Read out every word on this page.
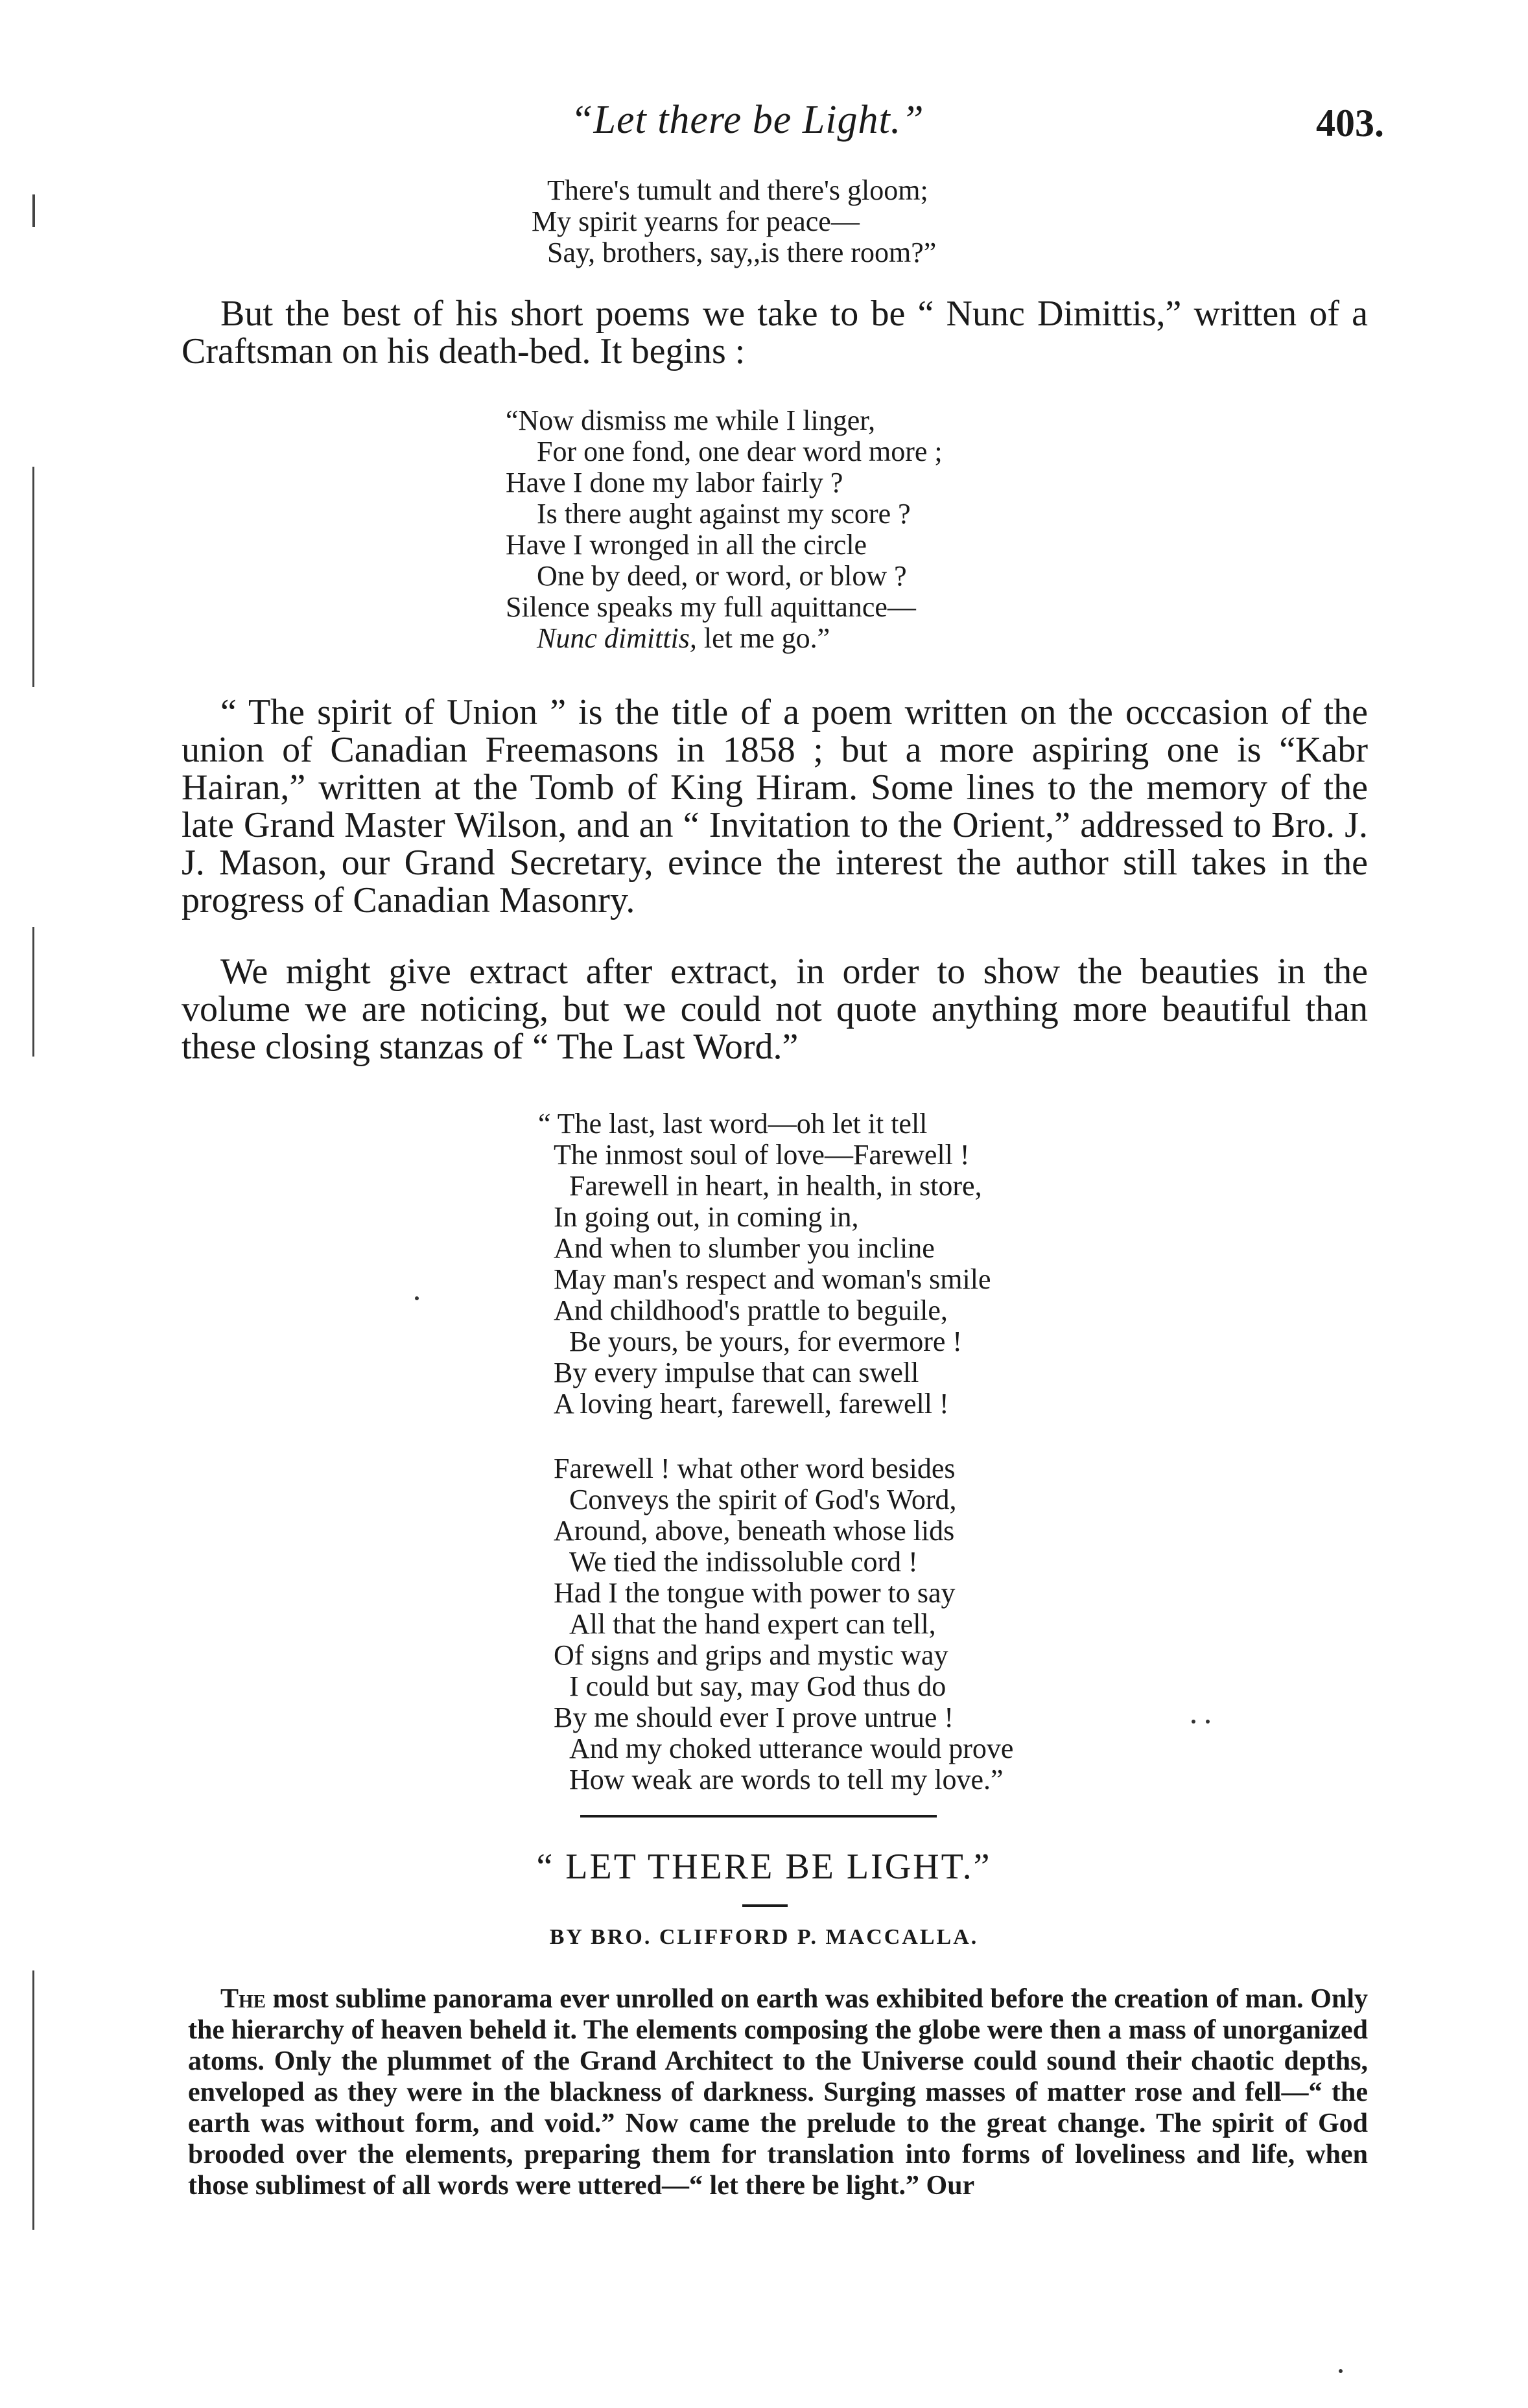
“Let there be Light.”	403.
There's tumult and there's gloom;
My spirit yearns for peace—
Say, brothers, say,,is there room?”
But the best of his short poems we take to be “ Nunc Dimittis,” written of a Craftsman on his death-bed. It begins :
“Now dismiss me while I linger,
For one fond, one dear word more ;
Have I done my labor fairly ?
Is there aught against my score ?
Have I wronged in all the circle
One by deed, or word, or blow ?
Silence speaks my full aquittance—
Nunc dimittis, let me go.”
“ The spirit of Union ” is the title of a poem written on the occcasion of the union of Canadian Freemasons in 1858 ; but a more aspiring one is “Kabr Hairan,” written at the Tomb of King Hiram. Some lines to the memory of the late Grand Master Wilson, and an “ Invitation to the Orient,” addressed to Bro. J. J. Mason, our Grand Secretary, evince the interest the author still takes in the progress of Canadian Masonry.
We might give extract after extract, in order to show the beauties in the volume we are noticing, but we could not quote anything more beautiful than these closing stanzas of “ The Last Word.”
“ The last, last word—oh let it tell
The inmost soul of love—Farewell !
Farewell in heart, in health, in store,
In going out, in coming in,
And when to slumber you incline
May man's respect and woman's smile
And childhood's prattle to beguile,
Be yours, be yours, for evermore !
By every impulse that can swell
A loving heart, farewell, farewell !
Farewell ! what other word besides
Conveys the spirit of God's Word,
Around, above, beneath whose lids
We tied the indissoluble cord !
Had I the tongue with power to say
All that the hand expert can tell,
Of signs and grips and mystic way
I could but say, may God thus do
By me should ever I prove untrue !
And my choked utterance would prove
How weak are words to tell my love.”
“ LET THERE BE LIGHT.”
BY BRO. CLIFFORD P. MACCALLA.
The most sublime panorama ever unrolled on earth was exhibited before the creation of man. Only the hierarchy of heaven beheld it. The elements composing the globe were then a mass of unorganized atoms. Only the plummet of the Grand Architect to the Universe could sound their chaotic depths, enveloped as they were in the blackness of darkness. Surging masses of matter rose and fell—“ the earth was without form, and void.” Now came the prelude to the great change. The spirit of God brooded over the elements, preparing them for translation into forms of loveliness and life, when those sublimest of all words were uttered—“ let there be light.” Our
